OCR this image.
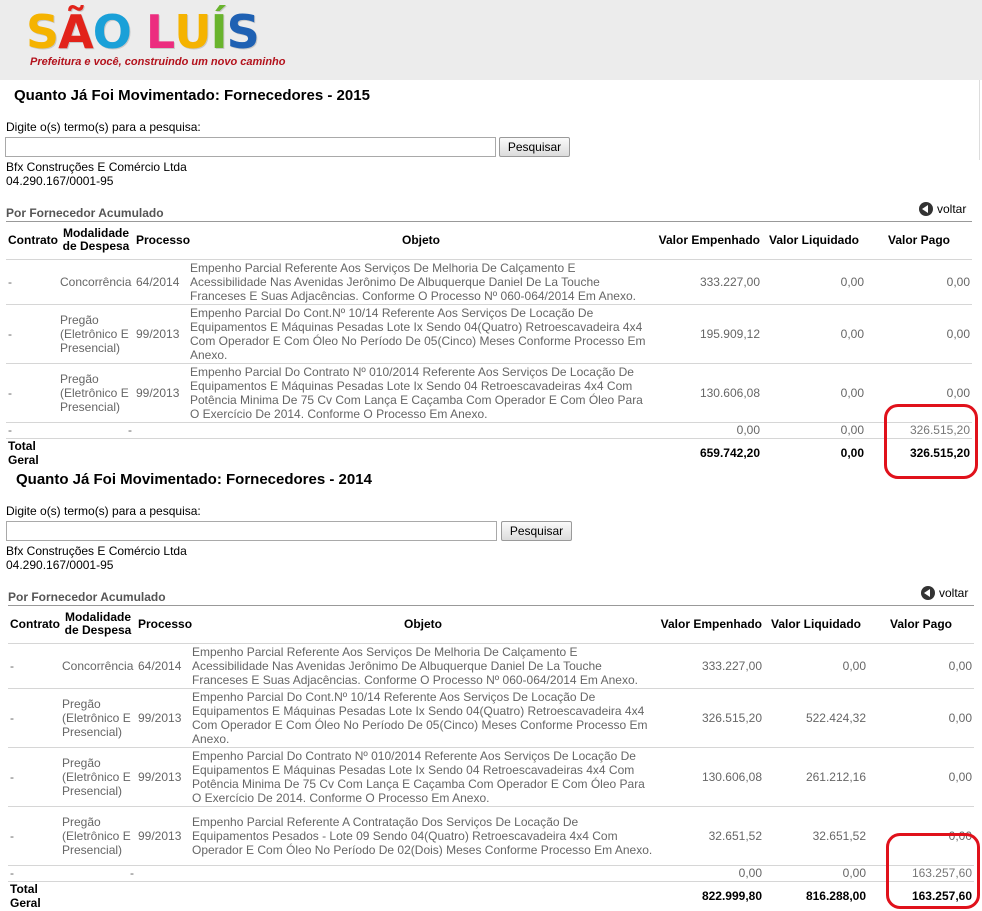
SÃO LUÍS
Prefeitura e você, construindo um novo caminho
Quanto Já Foi Movimentado: Fornecedores - 2015
Digite o(s) termo(s) para a pesquisa:
Pesquisar
Bfx Construções E Comércio Ltda
04.290.167/0001-95
Por Fornecedor Acumulado	voltar
Contrato	Modalidade de Despesa	Processo	Objeto	Valor Empenhado	Valor Liquidado	Valor Pago
-	Concorrência	64/2014	Empenho Parcial Referente Aos Serviços De Melhoria De Calçamento E Acessibilidade Nas Avenidas Jerônimo De Albuquerque Daniel De La Touche Franceses E Suas Adjacências. Conforme O Processo Nº 060-064/2014 Em Anexo.	333.227,00	0,00	0,00
-	Pregão (Eletrônico E Presencial)	99/2013	Empenho Parcial Do Cont.Nº 10/14 Referente Aos Serviços De Locação De Equipamentos E Máquinas Pesadas Lote Ix Sendo 04(Quatro) Retroescavadeira 4x4 Com Operador E Com Óleo No Período De 05(Cinco) Meses Conforme Processo Em Anexo.	195.909,12	0,00	0,00
-	Pregão (Eletrônico E Presencial)	99/2013	Empenho Parcial Do Contrato Nº 010/2014 Referente Aos Serviços De Locação De Equipamentos E Máquinas Pesadas Lote Ix Sendo 04 Retroescavadeiras 4x4 Com Potência Minima De 75 Cv Com Lança E Caçamba Com Operador E Com Óleo Para O Exercício De 2014. Conforme O Processo Em Anexo.	130.606,08	0,00	0,00
-	-			0,00	0,00	326.515,20
Total Geral				659.742,20	0,00	326.515,20
Quanto Já Foi Movimentado: Fornecedores - 2014
Digite o(s) termo(s) para a pesquisa:
Pesquisar
Bfx Construções E Comércio Ltda
04.290.167/0001-95
Por Fornecedor Acumulado	voltar
Contrato	Modalidade de Despesa	Processo	Objeto	Valor Empenhado	Valor Liquidado	Valor Pago
-	Concorrência	64/2014	Empenho Parcial Referente Aos Serviços De Melhoria De Calçamento E Acessibilidade Nas Avenidas Jerônimo De Albuquerque Daniel De La Touche Franceses E Suas Adjacências. Conforme O Processo Nº 060-064/2014 Em Anexo.	333.227,00	0,00	0,00
-	Pregão (Eletrônico E Presencial)	99/2013	Empenho Parcial Do Cont.Nº 10/14 Referente Aos Serviços De Locação De Equipamentos E Máquinas Pesadas Lote Ix Sendo 04(Quatro) Retroescavadeira 4x4 Com Operador E Com Óleo No Período De 05(Cinco) Meses Conforme Processo Em Anexo.	326.515,20	522.424,32	0,00
-	Pregão (Eletrônico E Presencial)	99/2013	Empenho Parcial Do Contrato Nº 010/2014 Referente Aos Serviços De Locação De Equipamentos E Máquinas Pesadas Lote Ix Sendo 04 Retroescavadeiras 4x4 Com Potência Minima De 75 Cv Com Lança E Caçamba Com Operador E Com Óleo Para O Exercício De 2014. Conforme O Processo Em Anexo.	130.606,08	261.212,16	0,00
-	Pregão (Eletrônico E Presencial)	99/2013	Empenho Parcial Referente A Contratação Dos Serviços De Locação De Equipamentos Pesados - Lote 09 Sendo 04(Quatro) Retroescavadeira 4x4 Com Operador E Com Óleo No Período De 02(Dois) Meses Conforme Processo Em Anexo.	32.651,52	32.651,52	0,00
-	-			0,00	0,00	163.257,60
Total Geral				822.999,80	816.288,00	163.257,60
